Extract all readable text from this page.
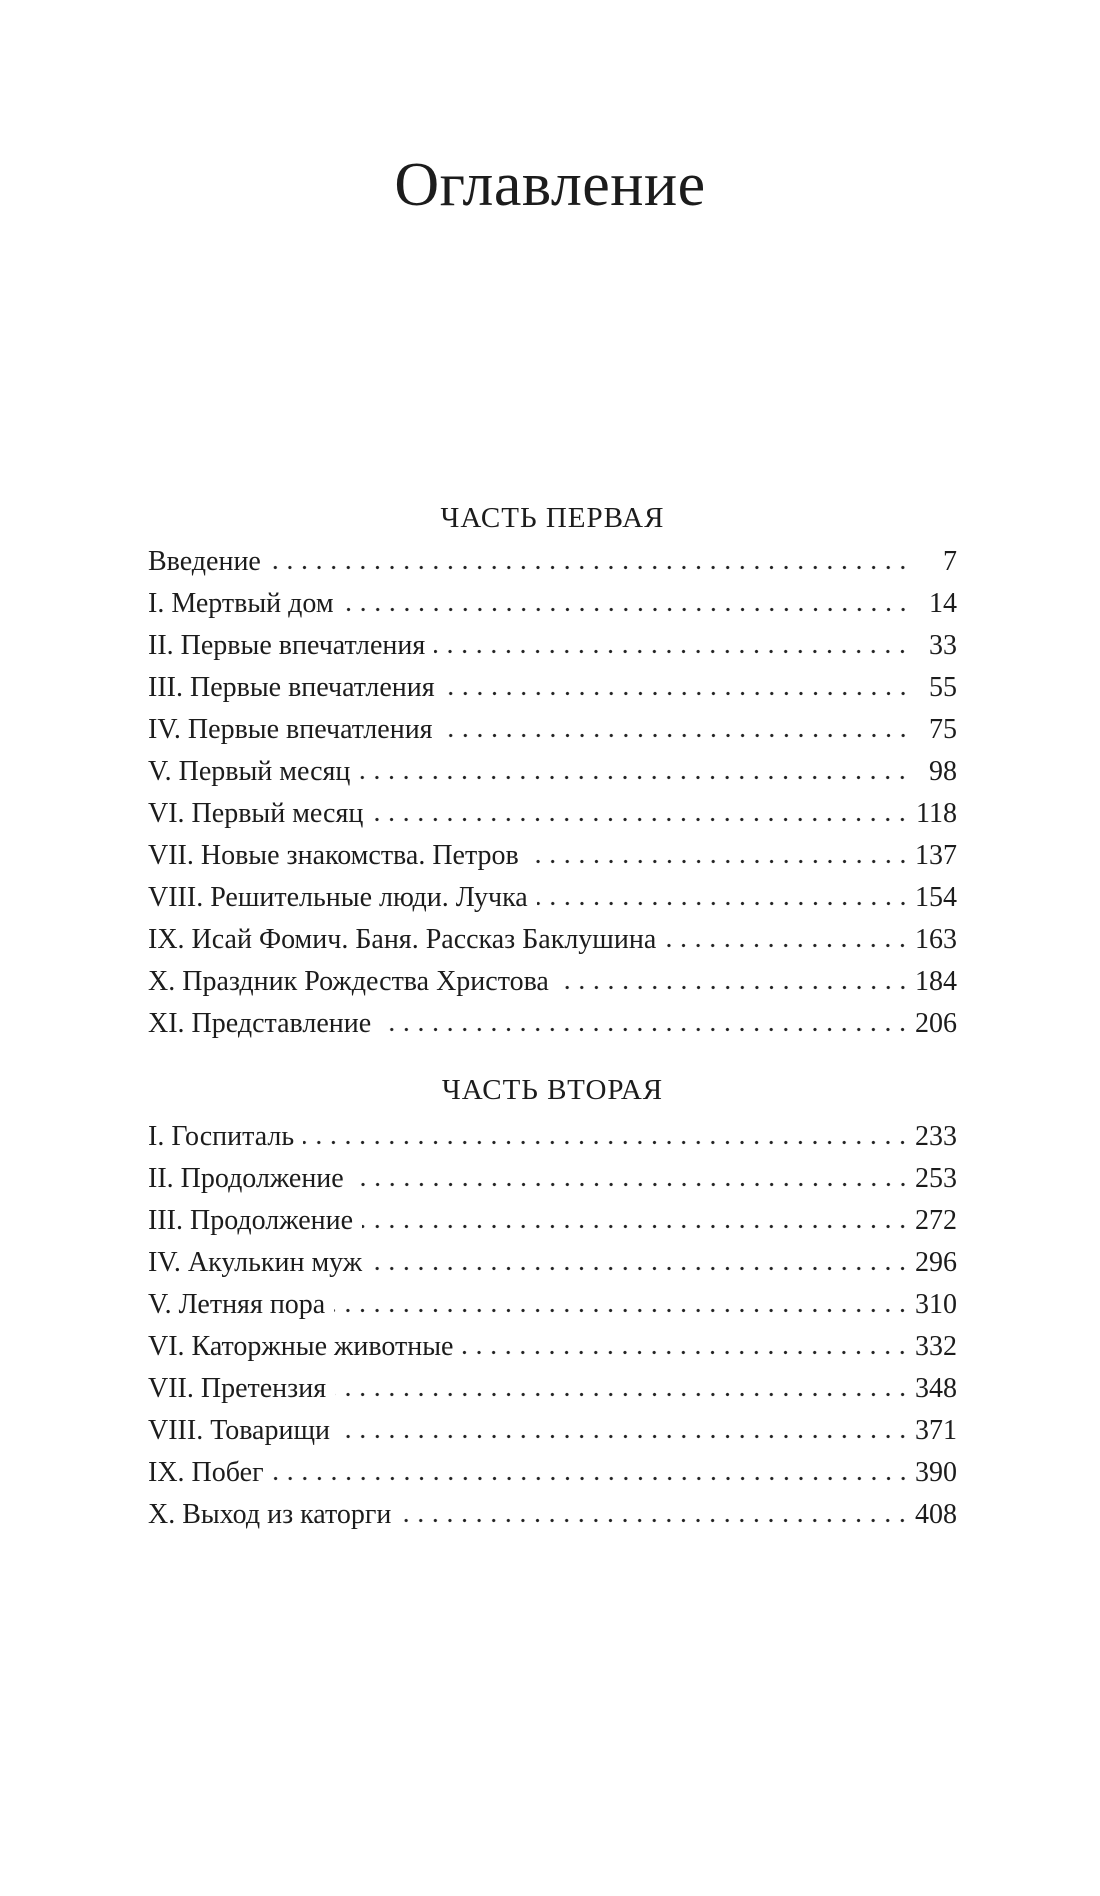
Оглавление
ЧАСТЬ ПЕРВАЯ
Введение	7
I. Мертвый дом	14
II. Первые впечатления	33
III. Первые впечатления	55
IV. Первые впечатления	75
V. Первый месяц	98
VI. Первый месяц	118
VII. Новые знакомства. Петров	137
VIII. Решительные люди. Лучка	154
IX. Исай Фомич. Баня. Рассказ Баклушина	163
X. Праздник Рождества Христова	184
XI. Представление	206
ЧАСТЬ ВТОРАЯ
I. Госпиталь	233
II. Продолжение	253
III. Продолжение	272
IV. Акулькин муж	296
V. Летняя пора	310
VI. Каторжные животные	332
VII. Претензия	348
VIII. Товарищи	371
IX. Побег	390
X. Выход из каторги	408
